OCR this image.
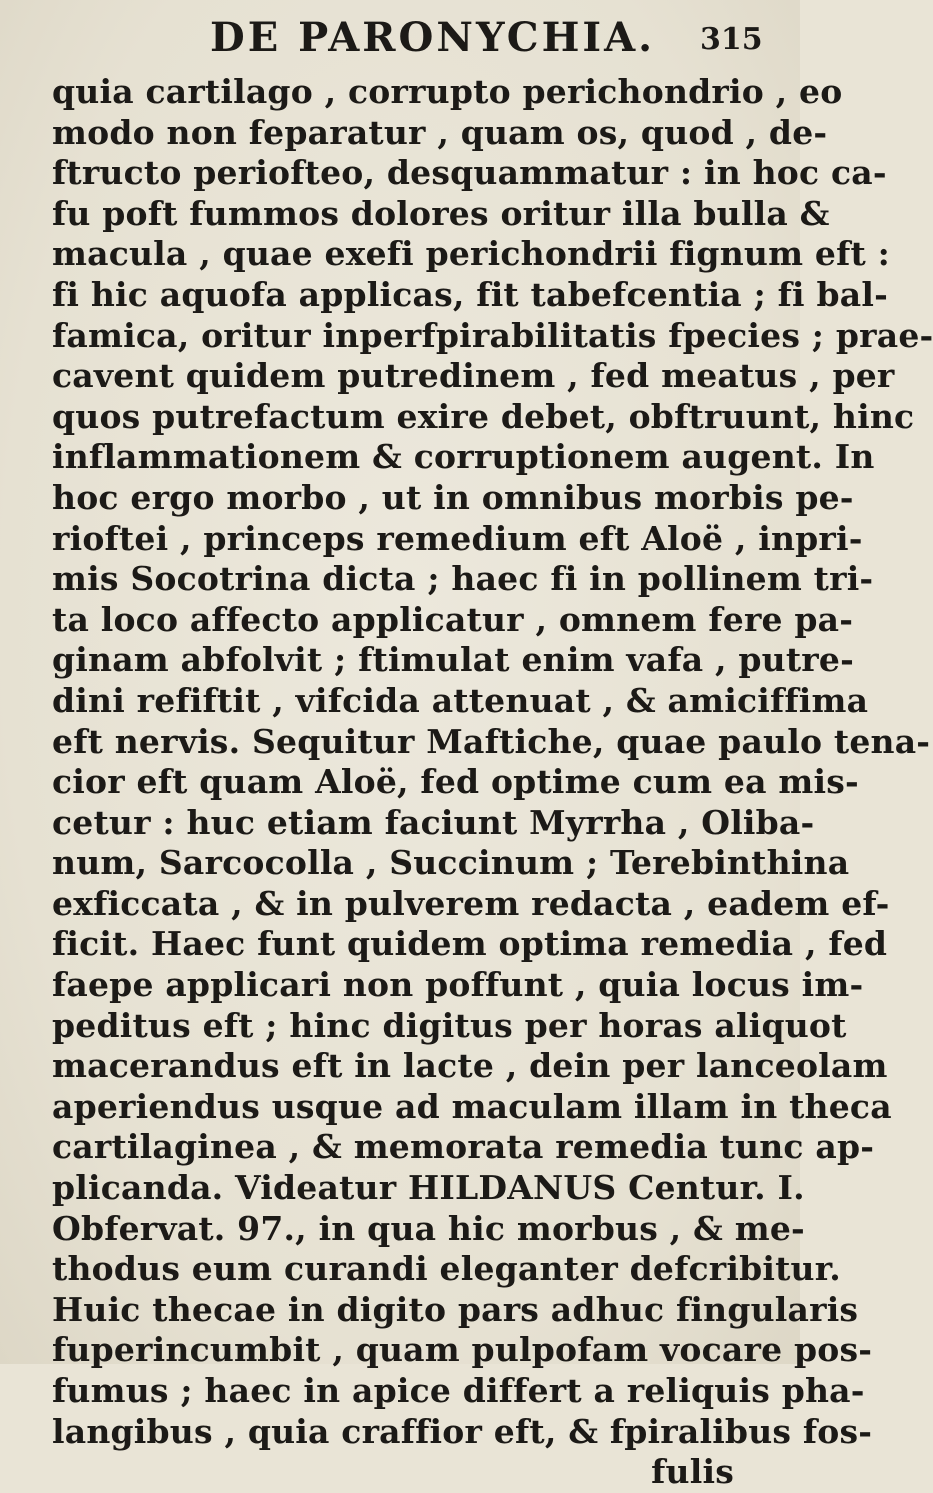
DE PARONYCHIA. 315
quia cartilago , corrupto perichondrio , eo
modo non feparatur , quam os, quod , de-
ftructo periofteo, desquammatur : in hoc ca-
fu poft fummos dolores oritur illa bulla &
macula , quae exefi perichondrii fignum eft :
fi hic aquofa applicas, fit tabefcentia ; fi bal-
famica, oritur inperfpirabilitatis fpecies ; prae-
cavent quidem putredinem , fed meatus , per
quos putrefactum exire debet, obftruunt, hinc
inflammationem & corruptionem augent. In
hoc ergo morbo , ut in omnibus morbis pe-
rioftei , princeps remedium eft Aloë , inpri-
mis Socotrina dicta ; haec fi in pollinem tri-
ta loco affecto applicatur , omnem fere pa-
ginam abfolvit ; ftimulat enim vafa , putre-
dini refiftit , vifcida attenuat , & amiciffima
eft nervis. Sequitur Maftiche, quae paulo tena-
cior eft quam Aloë, fed optime cum ea mis-
cetur : huc etiam faciunt Myrrha , Oliba-
num, Sarcocolla , Succinum ; Terebinthina
exficcata , & in pulverem redacta , eadem ef-
ficit. Haec funt quidem optima remedia , fed
faepe applicari non poffunt , quia locus im-
peditus eft ; hinc digitus per horas aliquot
macerandus eft in lacte , dein per lanceolam
aperiendus usque ad maculam illam in theca
cartilaginea , & memorata remedia tunc ap-
plicanda. Videatur HILDANUS Centur. I.
Obfervat. 97., in qua hic morbus , & me-
thodus eum curandi eleganter defcribitur.
Huic thecae in digito pars adhuc fingularis
fuperincumbit , quam pulpofam vocare pos-
fumus ; haec in apice differt a reliquis pha-
langibus , quia craffior eft, & fpiralibus fos-
fulis
